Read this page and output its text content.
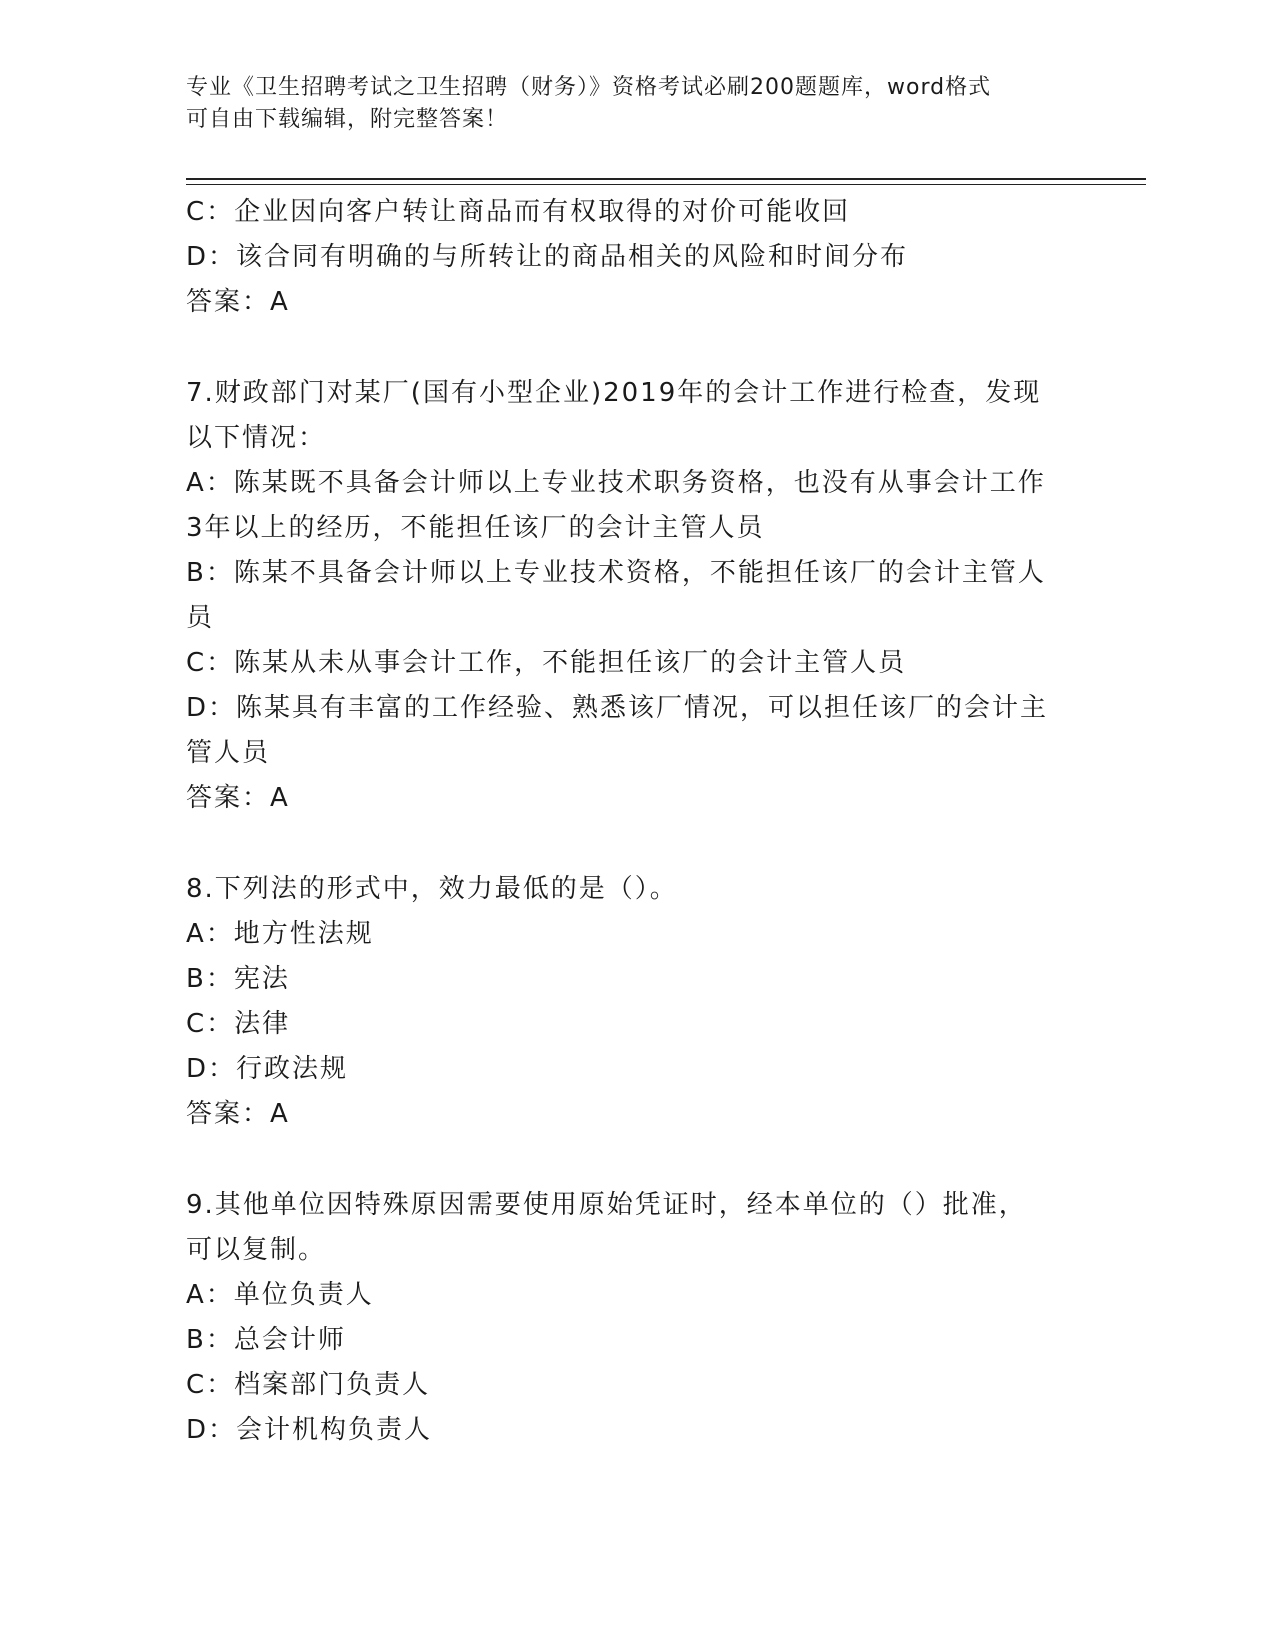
专业《卫生招聘考试之卫生招聘（财务）》资格考试必刷200题题库，word格式
可自由下载编辑，附完整答案！
C：企业因向客户转让商品而有权取得的对价可能收回
D：该合同有明确的与所转让的商品相关的风险和时间分布
答案：A
7.财政部门对某厂(国有小型企业)2019年的会计工作进行检查，发现
以下情况：
A：陈某既不具备会计师以上专业技术职务资格，也没有从事会计工作
3年以上的经历，不能担任该厂的会计主管人员
B：陈某不具备会计师以上专业技术资格，不能担任该厂的会计主管人
员
C：陈某从未从事会计工作，不能担任该厂的会计主管人员
D：陈某具有丰富的工作经验、熟悉该厂情况，可以担任该厂的会计主
管人员
答案：A
8.下列法的形式中，效力最低的是（）。
A：地方性法规
B：宪法
C：法律
D：行政法规
答案：A
9.其他单位因特殊原因需要使用原始凭证时，经本单位的（）批准，
可以复制。
A：单位负责人
B：总会计师
C：档案部门负责人
D：会计机构负责人
